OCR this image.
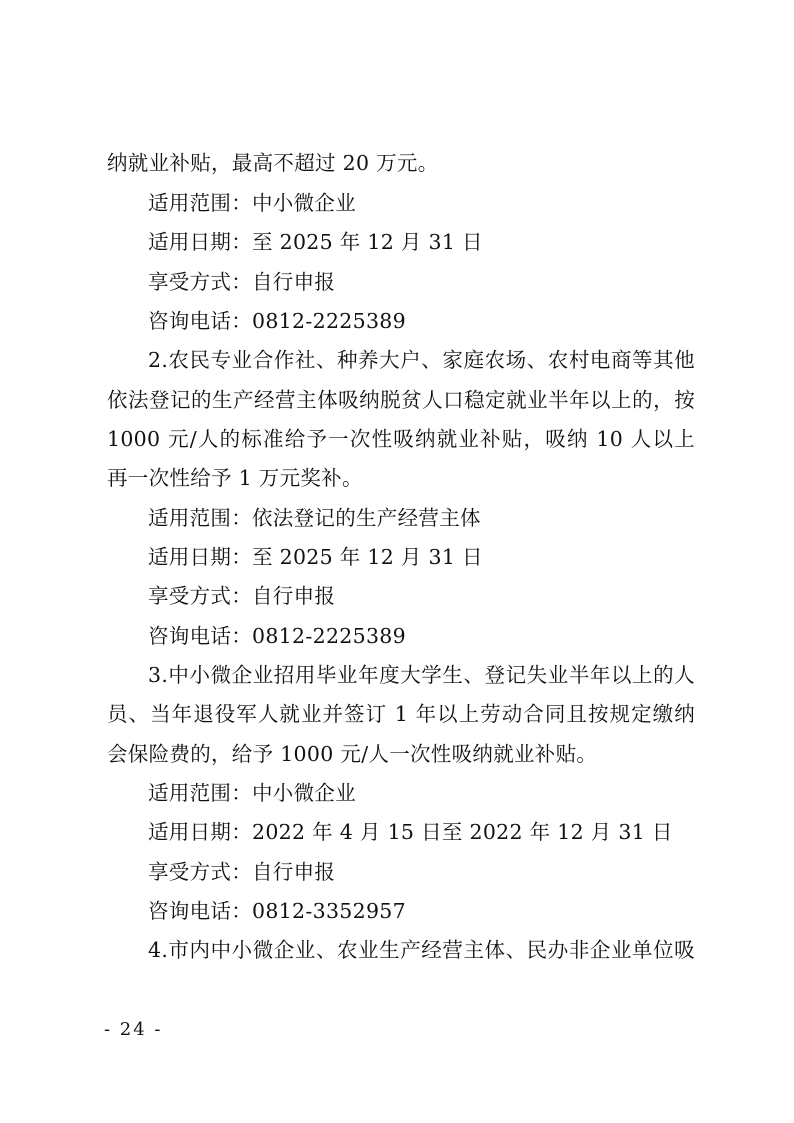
纳就业补贴，最高不超过 20 万元。
适用范围：中小微企业
适用日期：至 2025 年 12 月 31 日
享受方式：自行申报
咨询电话：0812-2225389
2.农民专业合作社、种养大户、家庭农场、农村电商等其他
依法登记的生产经营主体吸纳脱贫人口稳定就业半年以上的，按
1000 元/人的标准给予一次性吸纳就业补贴，吸纳 10 人以上
再一次性给予 1 万元奖补。
适用范围：依法登记的生产经营主体
适用日期：至 2025 年 12 月 31 日
享受方式：自行申报
咨询电话：0812-2225389
3.中小微企业招用毕业年度大学生、登记失业半年以上的人
员、当年退役军人就业并签订 1 年以上劳动合同且按规定缴纳
会保险费的，给予 1000 元/人一次性吸纳就业补贴。
适用范围：中小微企业
适用日期：2022 年 4 月 15 日至 2022 年 12 月 31 日
享受方式：自行申报
咨询电话：0812-3352957
4.市内中小微企业、农业生产经营主体、民办非企业单位吸
- 24 -
